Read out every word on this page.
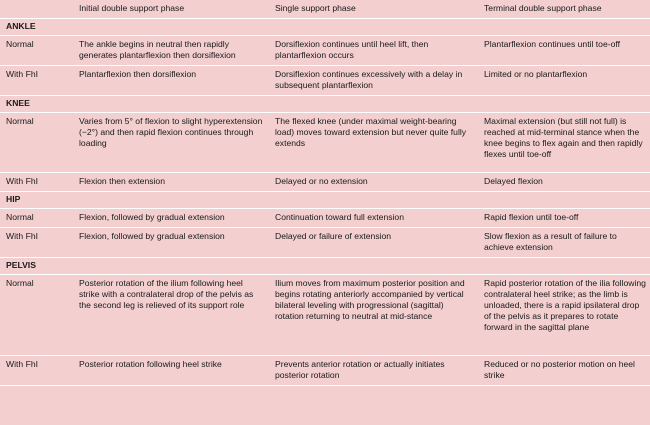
	Initial double support phase	Single support phase	Terminal double support phase
ANKLE			
Normal	The ankle begins in neutral then rapidly generates plantarflexion then dorsiflexion	Dorsiflexion continues until heel lift, then plantarflexion occurs	Plantarflexion continues until toe-off
With FhI	Plantarflexion then dorsiflexion	Dorsiflexion continues excessively with a delay in subsequent plantarflexion	Limited or no plantarflexion
KNEE			
Normal	Varies from 5° of flexion to slight hyperextension (−2°) and then rapid flexion continues through loading	The flexed knee (under maximal weight-bearing load) moves toward extension but never quite fully extends	Maximal extension (but still not full) is reached at mid-terminal stance when the knee begins to flex again and then rapidly flexes until toe-off
With FhI	Flexion then extension	Delayed or no extension	Delayed flexion
HIP			
Normal	Flexion, followed by gradual extension	Continuation toward full extension	Rapid flexion until toe-off
With FhI	Flexion, followed by gradual extension	Delayed or failure of extension	Slow flexion as a result of failure to achieve extension
PELVIS			
Normal	Posterior rotation of the ilium following heel strike with a contralateral drop of the pelvis as the second leg is relieved of its support role	Ilium moves from maximum posterior position and begins rotating anteriorly accompanied by vertical bilateral leveling with progressional (sagittal) rotation returning to neutral at mid-stance	Rapid posterior rotation of the ilia following contralateral heel strike; as the limb is unloaded, there is a rapid ipsilateral drop of the pelvis as it prepares to rotate forward in the sagittal plane
With FhI	Posterior rotation following heel strike	Prevents anterior rotation or actually initiates posterior rotation	Reduced or no posterior motion on heel strike
